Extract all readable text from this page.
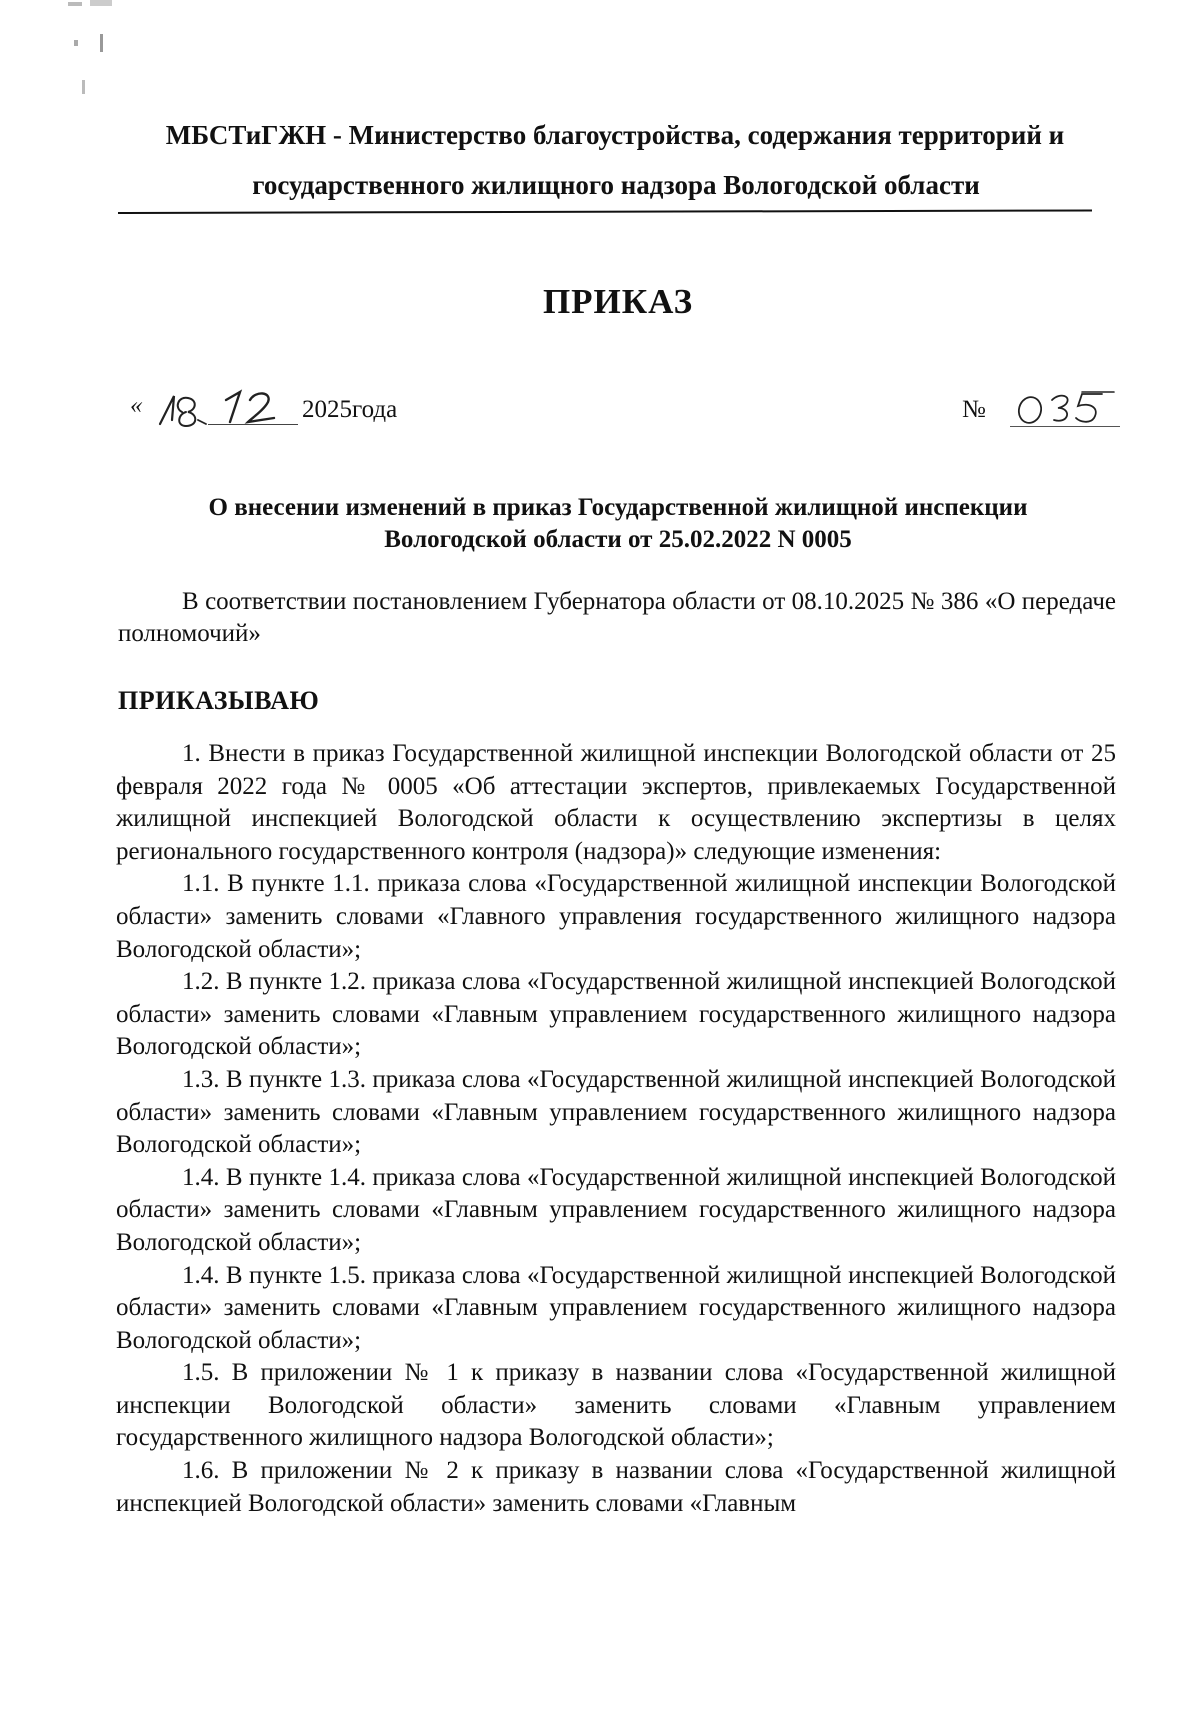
МБСТиГЖН - Министерство благоустройства, содержания территорий и

государственного жилищного надзора Вологодской области

ПРИКАЗ
«	2025года	№

О внесении изменений в приказ Государственной жилищной инспекции

Вологодской области от 25.02.2022 N 0005

В соответствии постановлением Губернатора области от 08.10.2025 № 386 «О передаче полномочий»
ПРИКАЗЫВАЮ

1. Внести в приказ Государственной жилищной инспекции Вологодской области от 25 февраля 2022 года № 0005 «Об аттестации экспертов, привлекаемых Государственной жилищной инспекцией Вологодской области к осуществлению экспертизы в целях регионального государственного контроля (надзора)» следующие изменения:

1.1. В пункте 1.1. приказа слова «Государственной жилищной инспекции Вологодской области» заменить словами «Главного управления государственного жилищного надзора Вологодской области»;

1.2. В пункте 1.2. приказа слова «Государственной жилищной инспекцией Вологодской области» заменить словами «Главным управлением государственного жилищного надзора Вологодской области»;

1.3. В пункте 1.3. приказа слова «Государственной жилищной инспекцией Вологодской области» заменить словами «Главным управлением государственного жилищного надзора Вологодской области»;

1.4. В пункте 1.4. приказа слова «Государственной жилищной инспекцией Вологодской области» заменить словами «Главным управлением государственного жилищного надзора Вологодской области»;

1.4. В пункте 1.5. приказа слова «Государственной жилищной инспекцией Вологодской области» заменить словами «Главным управлением государственного жилищного надзора Вологодской области»;

1.5. В приложении № 1 к приказу в названии слова «Государственной жилищной инспекции Вологодской области» заменить словами «Главным управлением государственного жилищного надзора Вологодской области»;

1.6. В приложении № 2 к приказу в названии слова «Государственной жилищной инспекцией Вологодской области» заменить словами «Главным
